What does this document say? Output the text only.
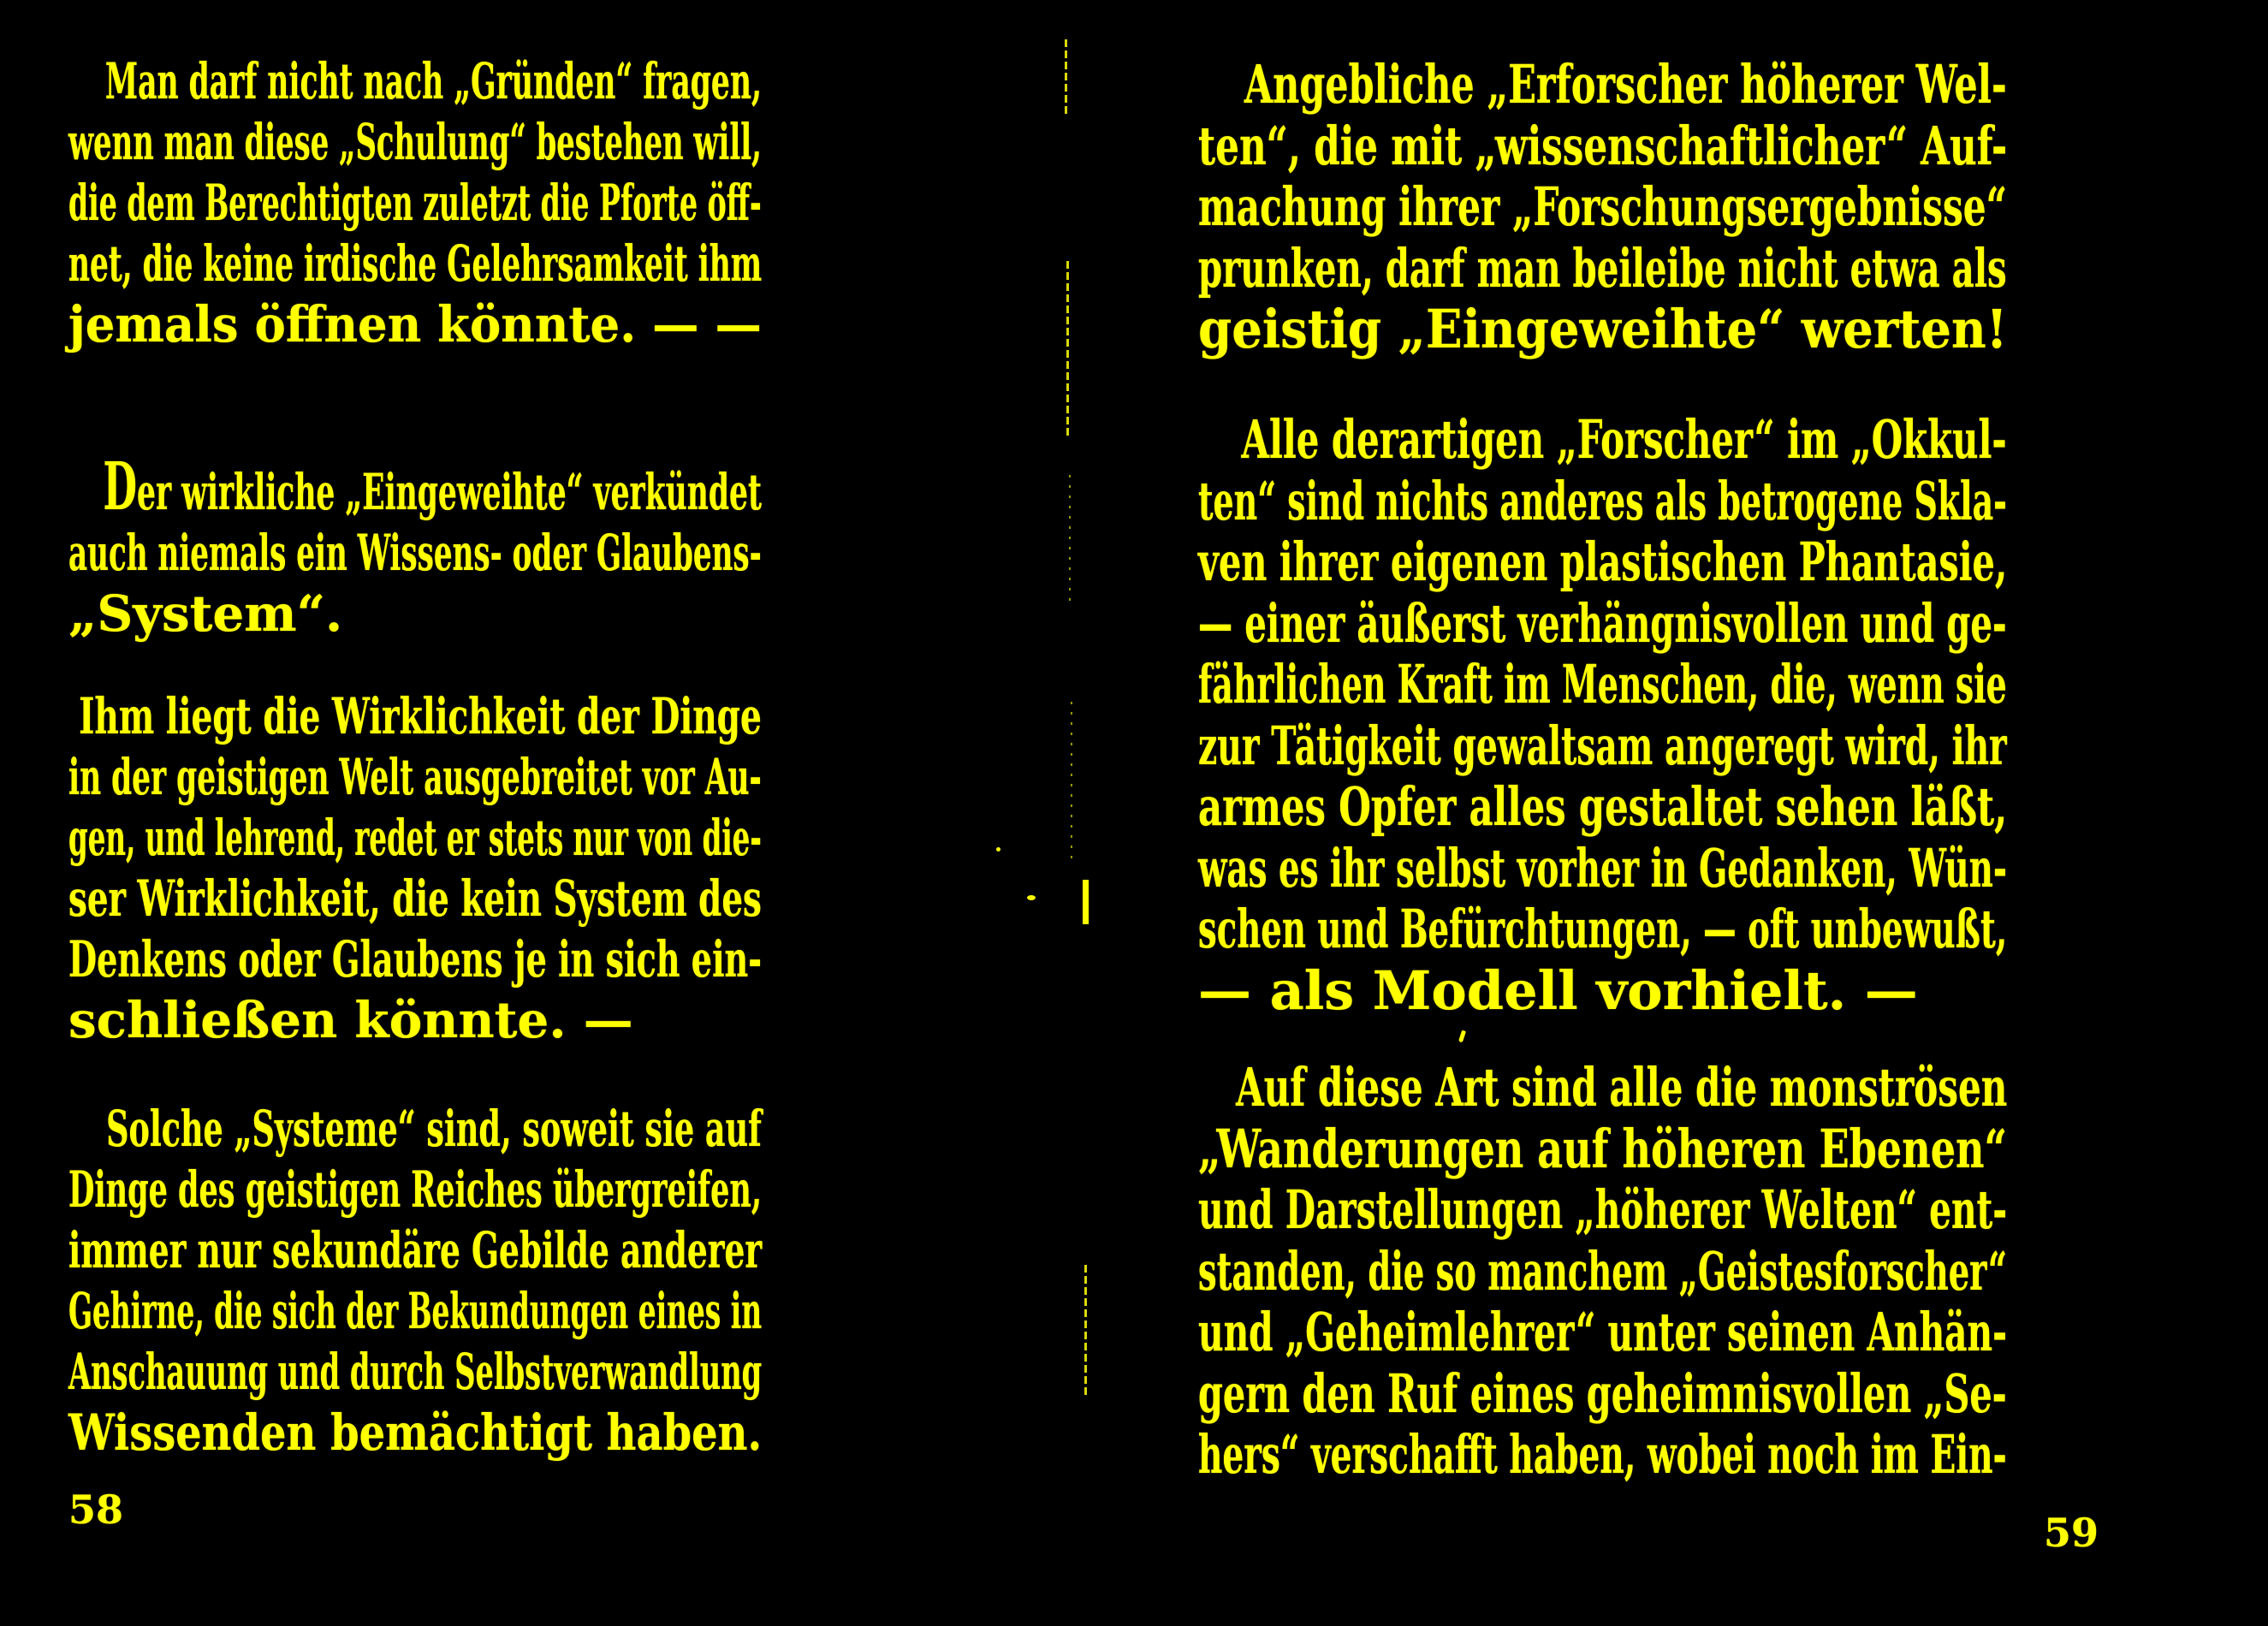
Man darf nicht nach „Gründen“ fragen,
wenn man diese „Schulung“ bestehen will,
die dem Berechtigten zuletzt die Pforte öff-
net, die keine irdische Gelehrsamkeit ihm
jemals öffnen könnte. — —
Der wirkliche „Eingeweihte“ verkündet
auch niemals ein Wissens- oder Glaubens-
„System“.
Ihm liegt die Wirklichkeit der Dinge
in der geistigen Welt ausgebreitet vor Au-
gen, und lehrend, redet er stets nur von die-
ser Wirklichkeit, die kein System des
Denkens oder Glaubens je in sich ein-
schließen könnte. —
Solche „Systeme“ sind, soweit sie auf
Dinge des geistigen Reiches übergreifen,
immer nur sekundäre Gebilde anderer
Gehirne, die sich der Bekundungen eines in
Anschauung und durch Selbstverwandlung
Wissenden bemächtigt haben.
58
Angebliche „Erforscher höherer Wel-
ten“, die mit „wissenschaftlicher“ Auf-
machung ihrer „Forschungsergebnisse“
prunken, darf man beileibe nicht etwa als
geistig „Eingeweihte“ werten!
Alle derartigen „Forscher“ im „Okkul-
ten“ sind nichts anderes als betrogene Skla-
ven ihrer eigenen plastischen Phantasie,
— einer äußerst verhängnisvollen und ge-
fährlichen Kraft im Menschen, die, wenn sie
zur Tätigkeit gewaltsam angeregt wird, ihr
armes Opfer alles gestaltet sehen läßt,
was es ihr selbst vorher in Gedanken, Wün-
schen und Befürchtungen, — oft unbewußt,
— als Modell vorhielt. —
Auf diese Art sind alle die monströsen
„Wanderungen auf höheren Ebenen“
und Darstellungen „höherer Welten“ ent-
standen, die so manchem „Geistesforscher“
und „Geheimlehrer“ unter seinen Anhän-
gern den Ruf eines geheimnisvollen „Se-
hers“ verschafft haben, wobei noch im Ein-
59
